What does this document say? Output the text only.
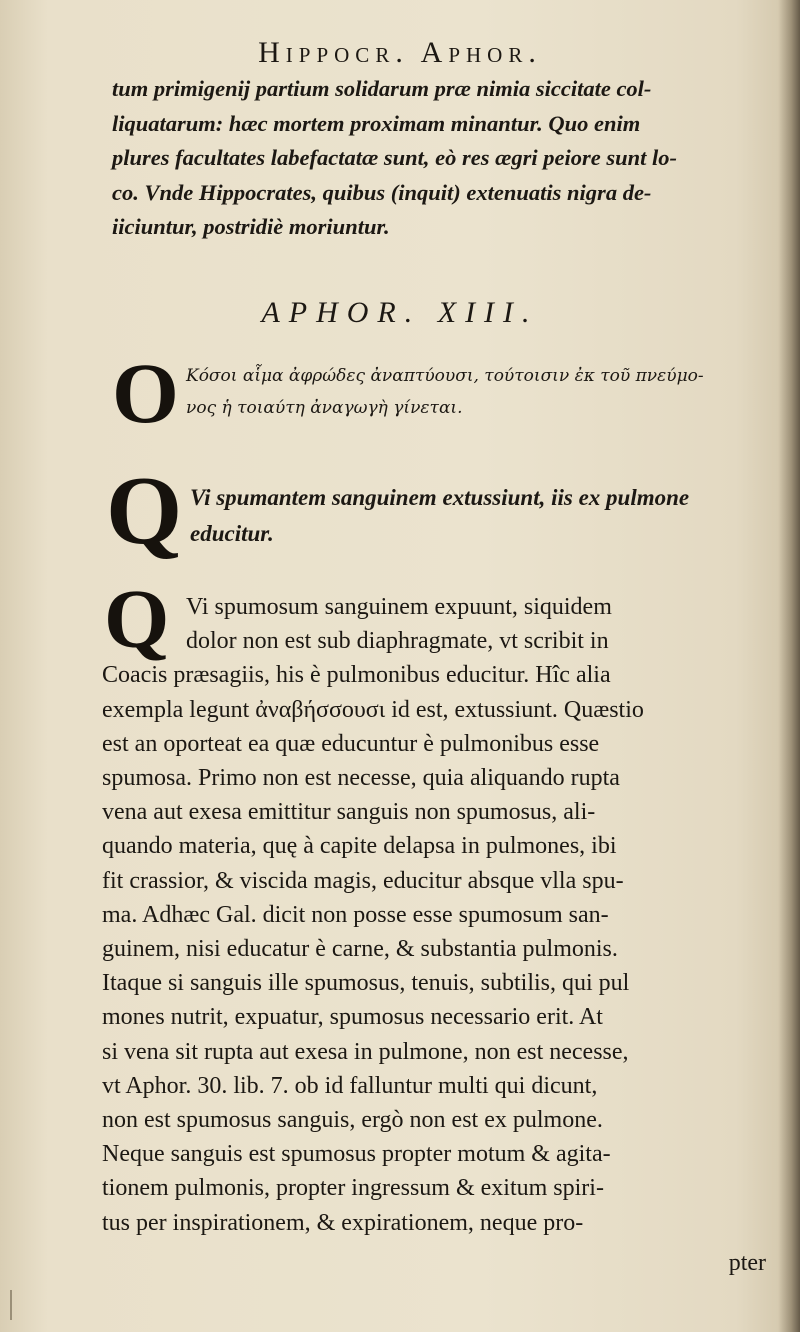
Hippocr. Aphor.
tum primigenij partium solidarum præ nimia siccitate col-
liquatarum: hæc mortem proximam minantur. Quo enim
plures facultates labefactatæ sunt, eò res ægri peiore sunt lo-
co. Vnde Hippocrates, quibus (inquit) extenuatis nigra de-
iiciuntur, postridiè moriuntur.
APHOR. XIII.
O Κόσοι αἷμα ἀφρώδες ἀναπτύουσι, τούτοισιν ἐκ τοῦ πνεύμο-
νος ἡ τοιαύτη ἀναγωγὴ γίνεται.
Q Vi spumantem sanguinem extussiunt, iis ex pulmone
educitur.
Q Vi spumosum sanguinem expuunt, siquidem
dolor non est sub diaphragmate, vt scribit in
Coacis præsagiis, his è pulmonibus educitur. Hîc alia
exempla legunt ἀναβήσσουσι id est, extussiunt. Quæstio
est an oporteat ea quæ educuntur è pulmonibus esse
spumosa. Primo non est necesse, quia aliquando rupta
vena aut exesa emittitur sanguis non spumosus, ali-
quando materia, quę à capite delapsa in pulmones, ibi
fit crassior, & viscida magis, educitur absque vlla spu-
ma. Adhæc Gal. dicit non posse esse spumosum san-
guinem, nisi educatur è carne, & substantia pulmonis.
Itaque si sanguis ille spumosus, tenuis, subtilis, qui pul
mones nutrit, expuatur, spumosus necessario erit. At
si vena sit rupta aut exesa in pulmone, non est necesse,
vt Aphor. 30. lib. 7. ob id falluntur multi qui dicunt,
non est spumosus sanguis, ergò non est ex pulmone.
Neque sanguis est spumosus propter motum & agita-
tionem pulmonis, propter ingressum & exitum spiri-
tus per inspirationem, & expirationem, neque pro-
pter
